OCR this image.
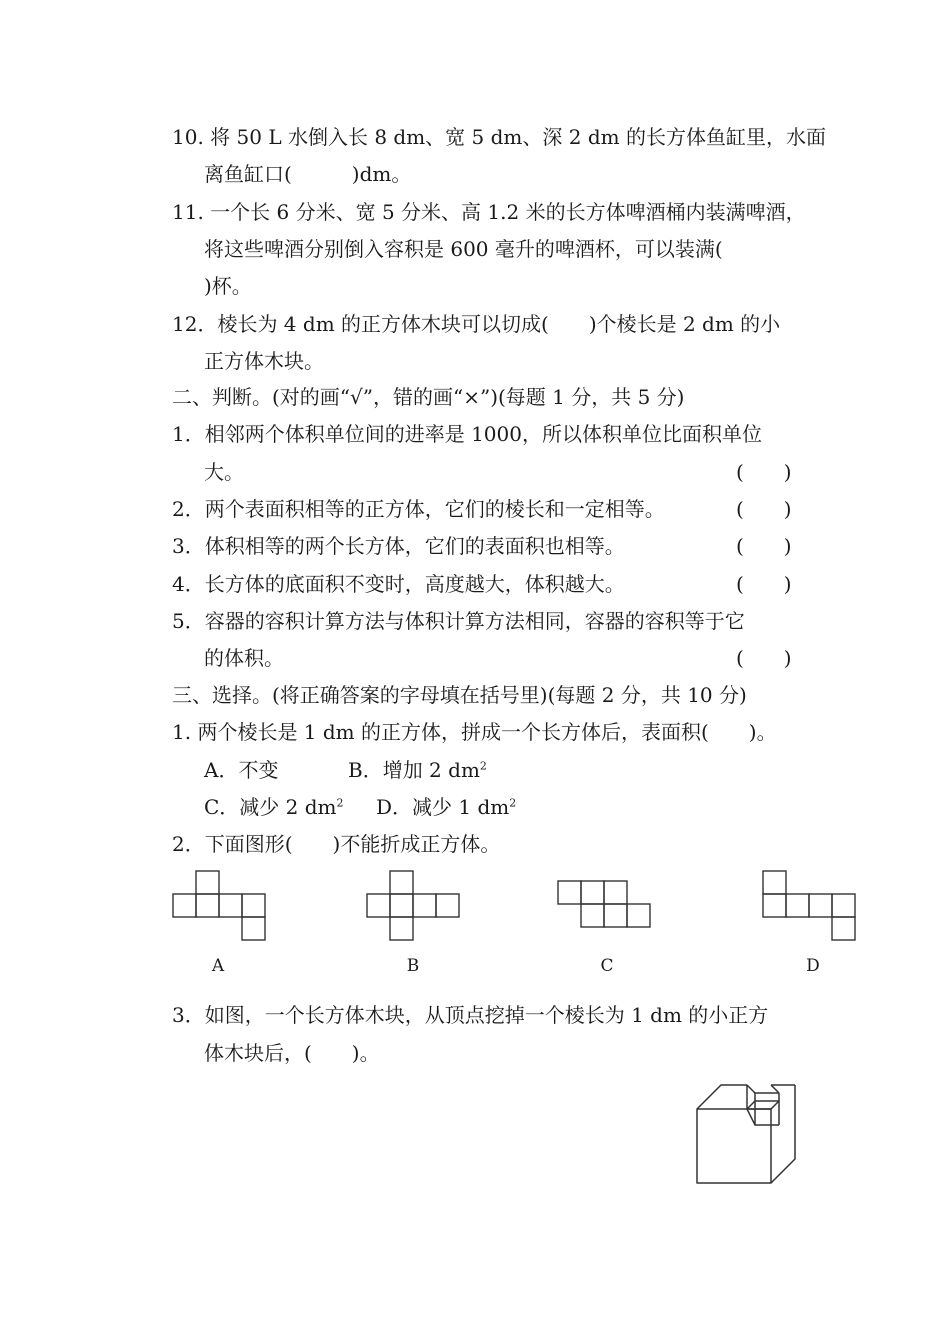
10. 将 50 L 水倒入长 8 dm、宽 5 dm、深 2 dm 的长方体鱼缸里，水面
离鱼缸口(　　　)dm。
11. 一个长 6 分米、宽 5 分米、高 1.2 米的长方体啤酒桶内装满啤酒，
将这些啤酒分别倒入容积是 600 毫升的啤酒杯，可以装满(
)杯。
12．棱长为 4 dm 的正方体木块可以切成(　　)个棱长是 2 dm 的小
正方体木块。
二、判断。(对的画“√”，错的画“×”)(每题 1 分，共 5 分)
1．相邻两个体积单位间的进率是 1000，所以体积单位比面积单位
大。	(　　)
2．两个表面积相等的正方体，它们的棱长和一定相等。	(　　)
3．体积相等的两个长方体，它们的表面积也相等。	(　　)
4．长方体的底面积不变时，高度越大，体积越大。	(　　)
5．容器的容积计算方法与体积计算方法相同，容器的容积等于它
的体积。	(　　)
三、选择。(将正确答案的字母填在括号里)(每题 2 分，共 10 分)
1. 两个棱长是 1 dm 的正方体，拼成一个长方体后，表面积(　　)。
A．不变	B．增加 2 $dm^2$
C．减少 2 $dm^2$ D．减少 1 $dm^2$
2．下面图形(　　)不能折成正方体。
A	B	C	D
3．如图，一个长方体木块，从顶点挖掉一个棱长为 1 dm 的小正方
体木块后，(　　)。
